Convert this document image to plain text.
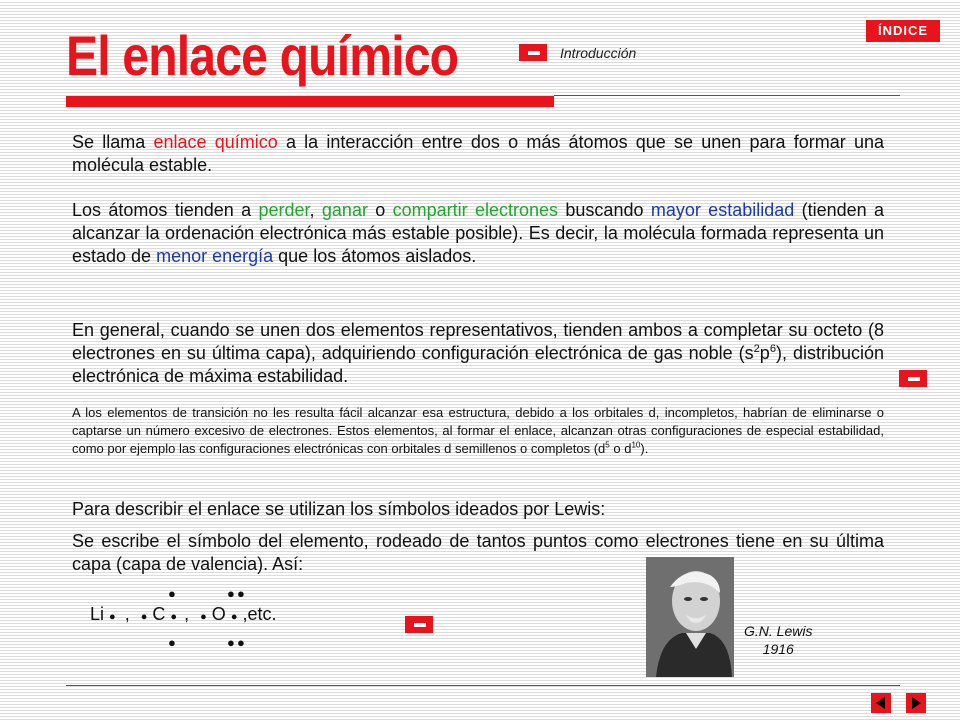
El enlace químico	ÍNDICE
Introducción
Se llama enlace químico a la interacción entre dos o más átomos que se unen para formar una molécula estable.
Los átomos tienden a perder, ganar o compartir electrones buscando mayor estabilidad (tienden a alcanzar la ordenación electrónica más estable posible). Es decir, la molécula formada representa un estado de menor energía que los átomos aislados.
En general, cuando se unen dos elementos representativos, tienden ambos a completar su octeto (8 electrones en su última capa), adquiriendo configuración electrónica de gas noble $(s^2p^6)$, distribución electrónica de máxima estabilidad.
A los elementos de transición no les resulta fácil alcanzar esa estructura, debido a los orbitales d, incompletos, habrían de eliminarse o captarse un número excesivo de electrones. Estos elementos, al formar el enlace, alcanzan otras configuraciones de especial estabilidad, como por ejemplo las configuraciones electrónicas con orbitales d semillenos o completos ($d^5$ o $d^{10}$).
Para describir el enlace se utilizan los símbolos ideados por Lewis:
Se escribe el símbolo del elemento, rodeado de tantos puntos como electrones tiene en su última capa (capa de valencia). Así:
Li ● , ● C ● , ● O ● ,etc.
●
●
● ●
● ●
G.N. Lewis
1916
